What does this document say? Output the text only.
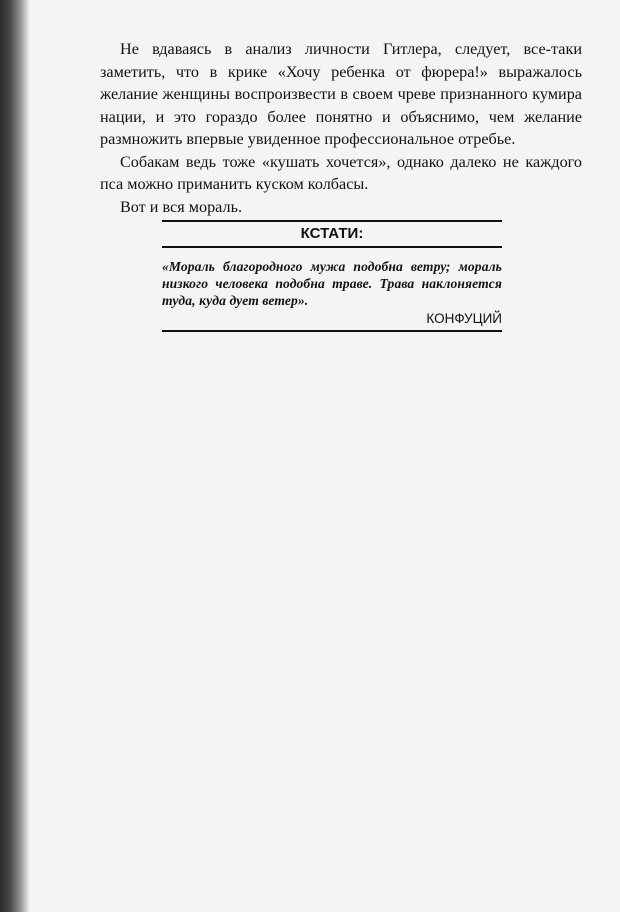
Не вдаваясь в анализ личности Гитлера, следует, все-таки заметить, что в крике «Хочу ребенка от фюрера!» выражалось желание женщины воспроизвести в своем чреве признанного кумира нации, и это гораздо более понятно и объяснимо, чем желание размножить впервые увиденное профессиональное отребье.

Собакам ведь тоже «кушать хочется», однако далеко не каждого пса можно приманить куском колбасы.

Вот и вся мораль.

КСТАТИ:

«Мораль благородного мужа подобна ветру; мораль низкого человека подобна траве. Трава наклоняется туда, куда дует ветер».

КОНФУЦИЙ
